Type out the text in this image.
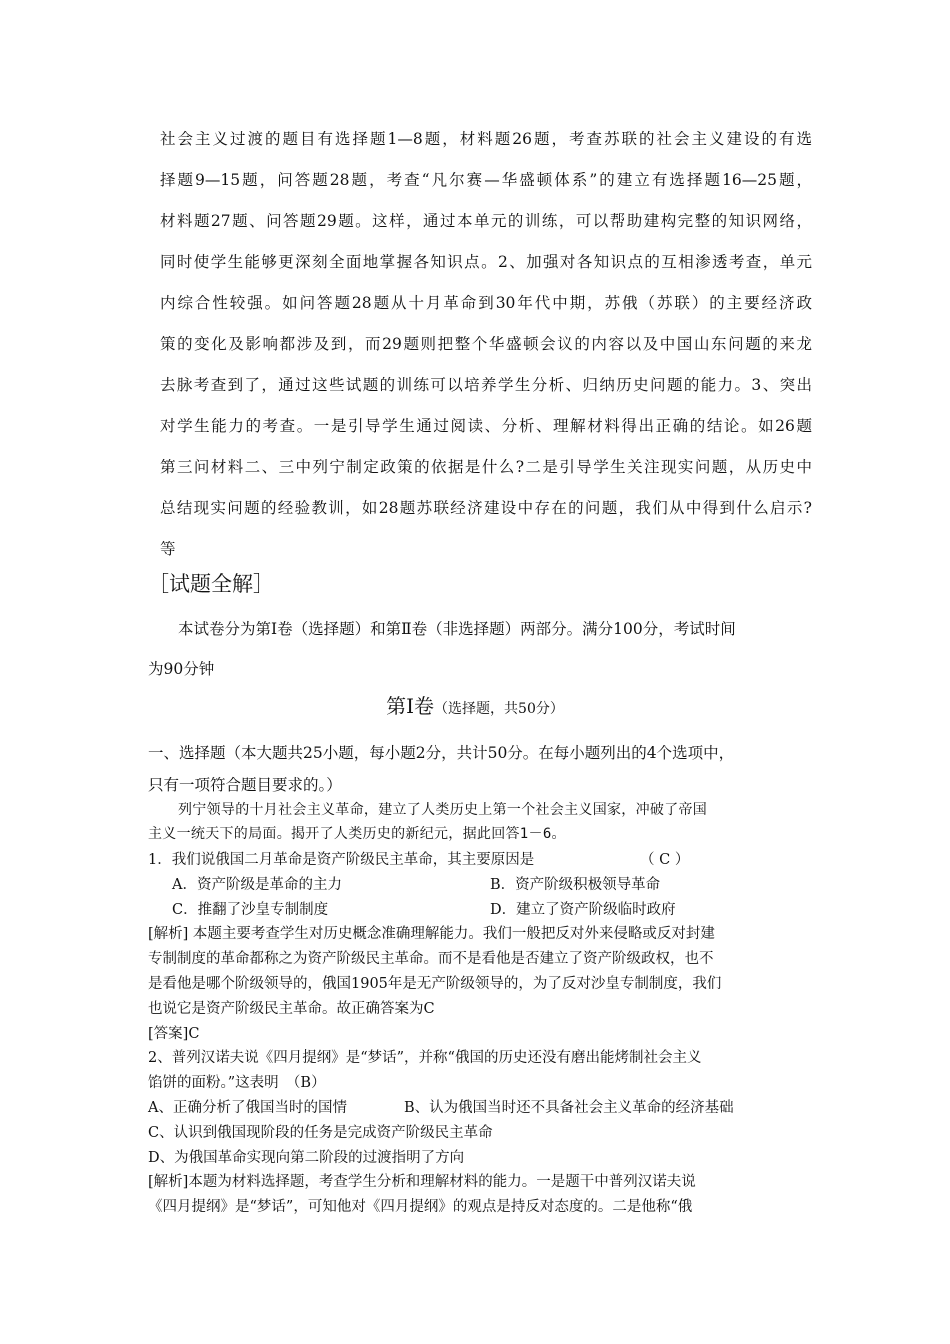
社会主义过渡的题目有选择题1—8题，材料题26题，考查苏联的社会主义建设的有选
择题9—15题，问答题28题，考查“凡尔赛—华盛顿体系”的建立有选择题16—25题，
材料题27题、问答题29题。这样，通过本单元的训练，可以帮助建构完整的知识网络，
同时使学生能够更深刻全面地掌握各知识点。2、加强对各知识点的互相渗透考查，单元
内综合性较强。如问答题28题从十月革命到30年代中期，苏俄（苏联）的主要经济政
策的变化及影响都涉及到，而29题则把整个华盛顿会议的内容以及中国山东问题的来龙
去脉考查到了，通过这些试题的训练可以培养学生分析、归纳历史问题的能力。3、突出
对学生能力的考查。一是引导学生通过阅读、分析、理解材料得出正确的结论。如26题
第三问材料二、三中列宁制定政策的依据是什么?二是引导学生关注现实问题，从历史中
总结现实问题的经验教训，如28题苏联经济建设中存在的问题，我们从中得到什么启示?
等
［试题全解］
本试卷分为第Ⅰ卷（选择题）和第Ⅱ卷（非选择题）两部分。满分100分，考试时间
为90分钟
第Ⅰ卷（选择题，共50分）
一、选择题（本大题共25小题，每小题2分，共计50分。在每小题列出的4个选项中，
只有一项符合题目要求的。）
列宁领导的十月社会主义革命，建立了人类历史上第一个社会主义国家，冲破了帝国
主义一统天下的局面。揭开了人类历史的新纪元，据此回答1－6。
1．我们说俄国二月革命是资产阶级民主革命，其主要原因是	（ C ）
A．资产阶级是革命的主力	B．资产阶级积极领导革命
C．推翻了沙皇专制制度	D．建立了资产阶级临时政府
[解析] 本题主要考查学生对历史概念准确理解能力。我们一般把反对外来侵略或反对封建
专制制度的革命都称之为资产阶级民主革命。而不是看他是否建立了资产阶级政权，也不
是看他是哪个阶级领导的，俄国1905年是无产阶级领导的，为了反对沙皇专制制度，我们
也说它是资产阶级民主革命。故正确答案为C
[答案]C
2、普列汉诺夫说《四月提纲》是“梦话”，并称“俄国的历史还没有磨出能烤制社会主义
馅饼的面粉。”这表明　（B）
A、正确分析了俄国当时的国情	B、认为俄国当时还不具备社会主义革命的经济基础
C、认识到俄国现阶段的任务是完成资产阶级民主革命
D、为俄国革命实现向第二阶段的过渡指明了方向
[解析]本题为材料选择题，考查学生分析和理解材料的能力。一是题干中普列汉诺夫说
《四月提纲》是“梦话”，可知他对《四月提纲》的观点是持反对态度的。二是他称“俄
